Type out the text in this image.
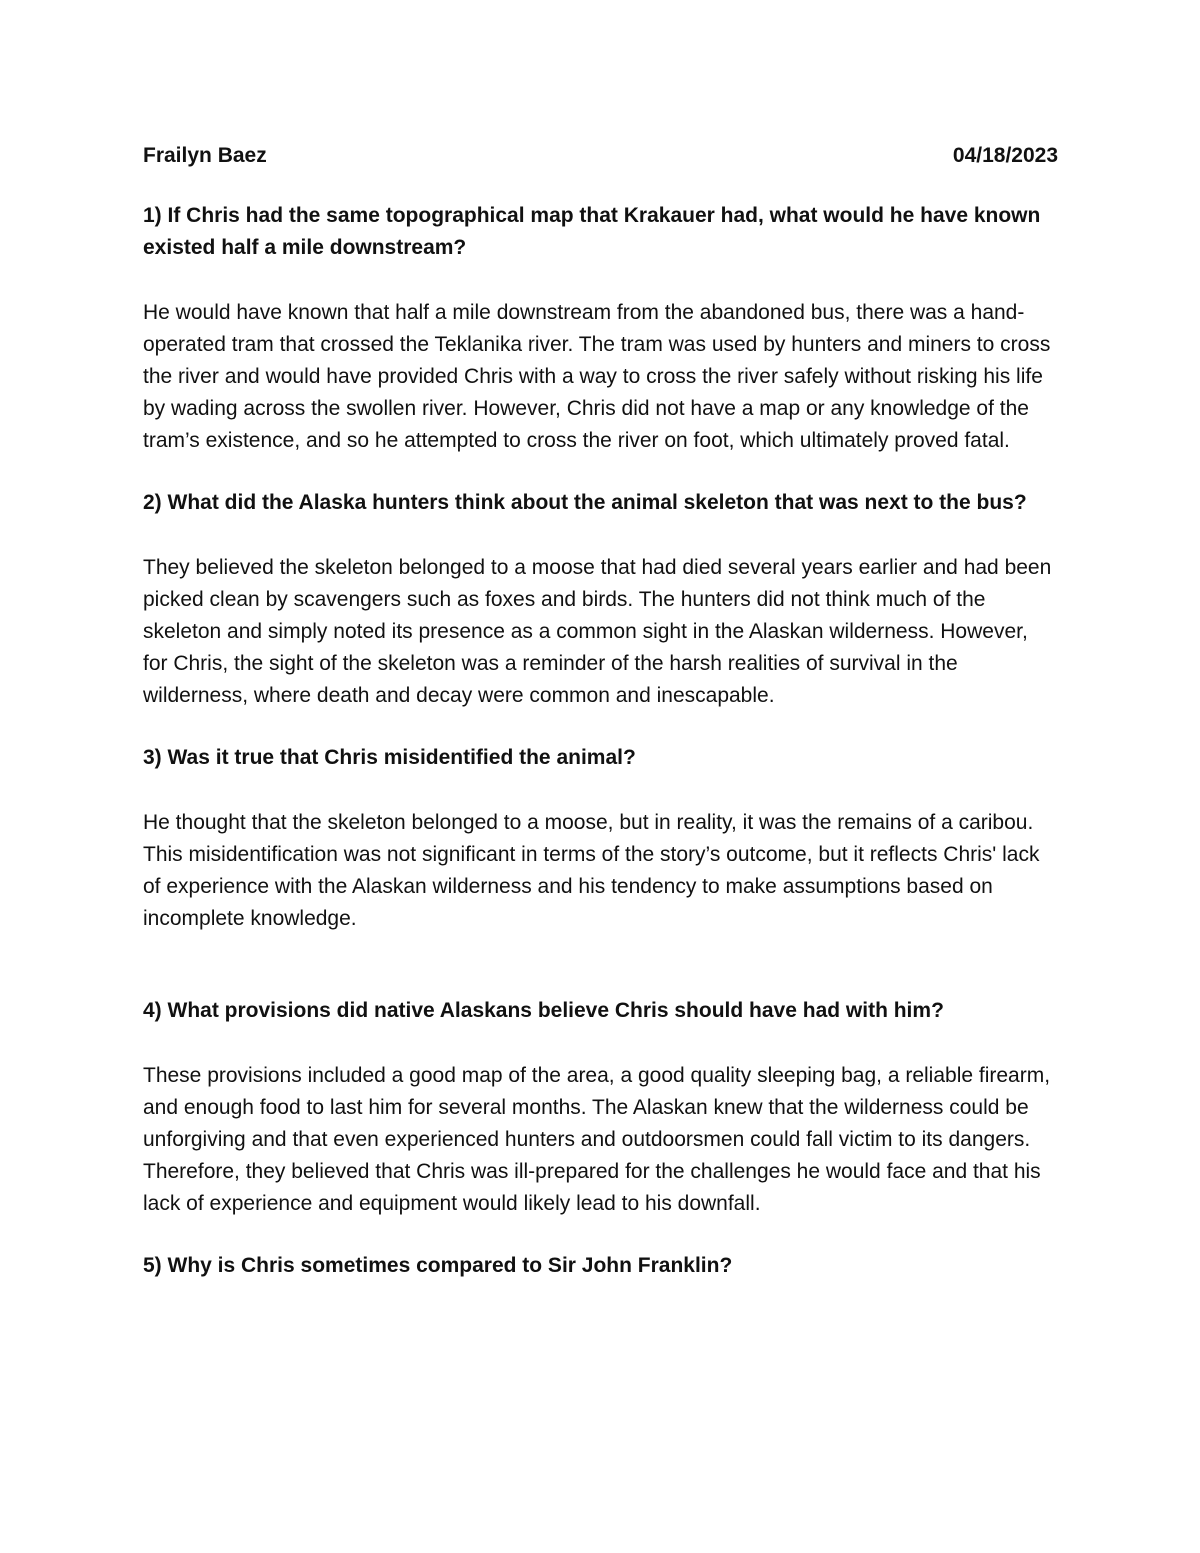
Frailyn Baez	04/18/2023
1) If Chris had the same topographical map that Krakauer had, what would he have known existed half a mile downstream?
He would have known that half a mile downstream from the abandoned bus, there was a hand-operated tram that crossed the Teklanika river. The tram was used by hunters and miners to cross the river and would have provided Chris with a way to cross the river safely without risking his life by wading across the swollen river. However, Chris did not have a map or any knowledge of the tram’s existence, and so he attempted to cross the river on foot, which ultimately proved fatal.
2) What did the Alaska hunters think about the animal skeleton that was next to the bus?
They believed the skeleton belonged to a moose that had died several years earlier and had been picked clean by scavengers such as foxes and birds. The hunters did not think much of the skeleton and simply noted its presence as a common sight in the Alaskan wilderness. However, for Chris, the sight of the skeleton was a reminder of the harsh realities of survival in the wilderness, where death and decay were common and inescapable.
3) Was it true that Chris misidentified the animal?
He thought that the skeleton belonged to a moose, but in reality, it was the remains of a caribou. This misidentification was not significant in terms of the story’s outcome, but it reflects Chris' lack of experience with the Alaskan wilderness and his tendency to make assumptions based on incomplete knowledge.
4) What provisions did native Alaskans believe Chris should have had with him?
These provisions included a good map of the area, a good quality sleeping bag, a reliable firearm, and enough food to last him for several months. The Alaskan knew that the wilderness could be unforgiving and that even experienced hunters and outdoorsmen could fall victim to its dangers. Therefore, they believed that Chris was ill-prepared for the challenges he would face and that his lack of experience and equipment would likely lead to his downfall.
5) Why is Chris sometimes compared to Sir John Franklin?
